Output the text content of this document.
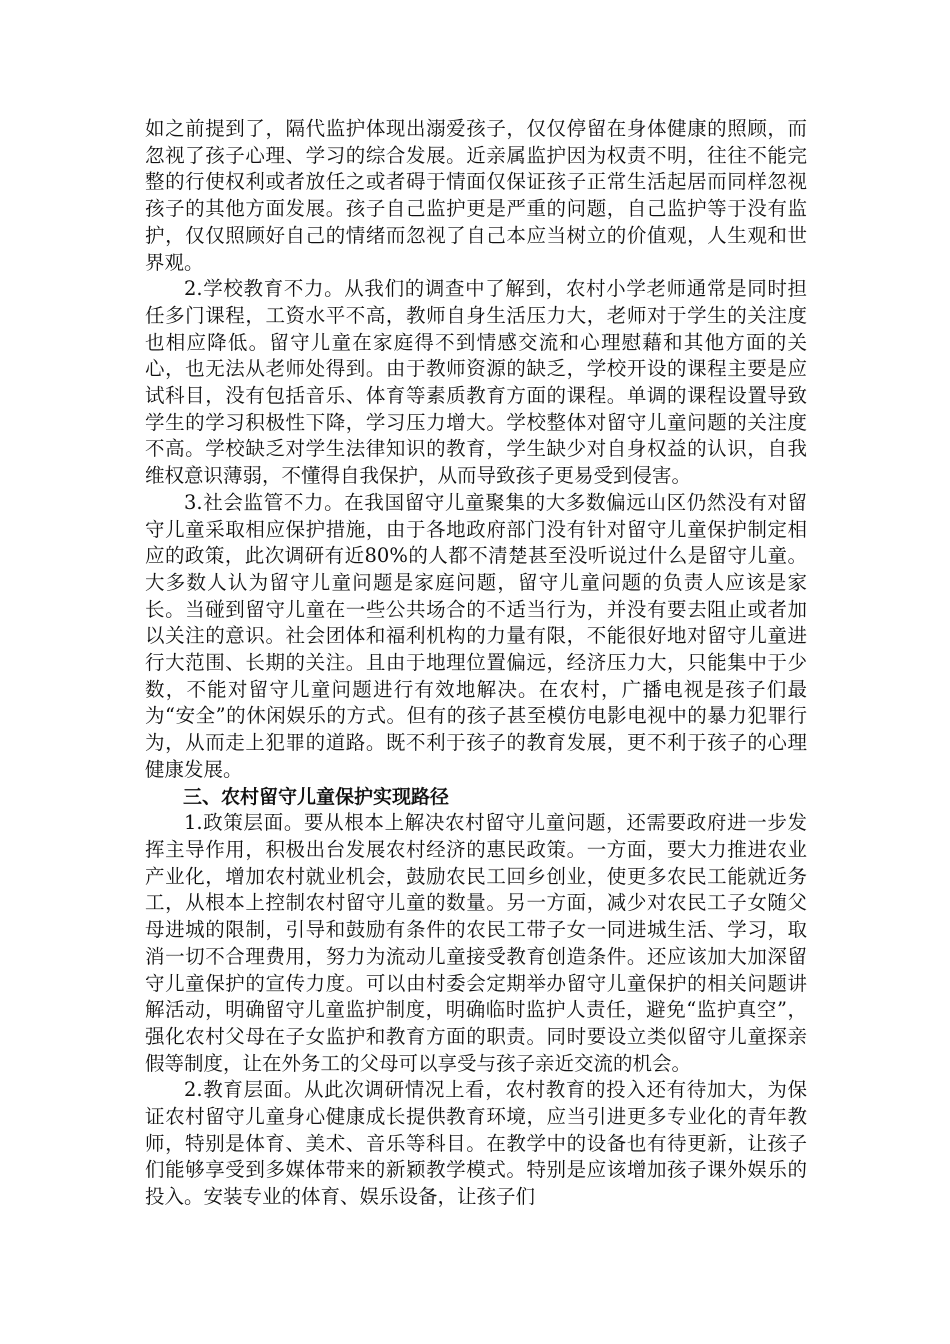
如之前提到了，隔代监护体现出溺爱孩子，仅仅停留在身体健康的照顾，而忽视了孩子心理、学习的综合发展。近亲属监护因为权责不明，往往不能完整的行使权利或者放任之或者碍于情面仅保证孩子正常生活起居而同样忽视孩子的其他方面发展。孩子自己监护更是严重的问题，自己监护等于没有监护，仅仅照顾好自己的情绪而忽视了自己本应当树立的价值观，人生观和世界观。

2.学校教育不力。从我们的调查中了解到，农村小学老师通常是同时担任多门课程，工资水平不高，教师自身生活压力大，老师对于学生的关注度也相应降低。留守儿童在家庭得不到情感交流和心理慰藉和其他方面的关心，也无法从老师处得到。由于教师资源的缺乏，学校开设的课程主要是应试科目，没有包括音乐、体育等素质教育方面的课程。单调的课程设置导致学生的学习积极性下降，学习压力增大。学校整体对留守儿童问题的关注度不高。学校缺乏对学生法律知识的教育，学生缺少对自身权益的认识，自我维权意识薄弱，不懂得自我保护，从而导致孩子更易受到侵害。

3.社会监管不力。在我国留守儿童聚集的大多数偏远山区仍然没有对留守儿童采取相应保护措施，由于各地政府部门没有针对留守儿童保护制定相应的政策，此次调研有近80%的人都不清楚甚至没听说过什么是留守儿童。大多数人认为留守儿童问题是家庭问题，留守儿童问题的负责人应该是家长。当碰到留守儿童在一些公共场合的不适当行为，并没有要去阻止或者加以关注的意识。社会团体和福利机构的力量有限，不能很好地对留守儿童进行大范围、长期的关注。且由于地理位置偏远，经济压力大，只能集中于少数，不能对留守儿童问题进行有效地解决。在农村，广播电视是孩子们最为“安全”的休闲娱乐的方式。但有的孩子甚至模仿电影电视中的暴力犯罪行为，从而走上犯罪的道路。既不利于孩子的教育发展，更不利于孩子的心理健康发展。

三、农村留守儿童保护实现路径

1.政策层面。要从根本上解决农村留守儿童问题，还需要政府进一步发挥主导作用，积极出台发展农村经济的惠民政策。一方面，要大力推进农业产业化，增加农村就业机会，鼓励农民工回乡创业，使更多农民工能就近务工，从根本上控制农村留守儿童的数量。另一方面，减少对农民工子女随父母进城的限制，引导和鼓励有条件的农民工带子女一同进城生活、学习，取消一切不合理费用，努力为流动儿童接受教育创造条件。还应该加大加深留守儿童保护的宣传力度。可以由村委会定期举办留守儿童保护的相关问题讲解活动，明确留守儿童监护制度，明确临时监护人责任，避免“监护真空”，强化农村父母在子女监护和教育方面的职责。同时要设立类似留守儿童探亲假等制度，让在外务工的父母可以享受与孩子亲近交流的机会。

2.教育层面。从此次调研情况上看，农村教育的投入还有待加大，为保证农村留守儿童身心健康成长提供教育环境，应当引进更多专业化的青年教师，特别是体育、美术、音乐等科目。在教学中的设备也有待更新，让孩子们能够享受到多媒体带来的新颖教学模式。特别是应该增加孩子课外娱乐的投入。安装专业的体育、娱乐设备，让孩子们
